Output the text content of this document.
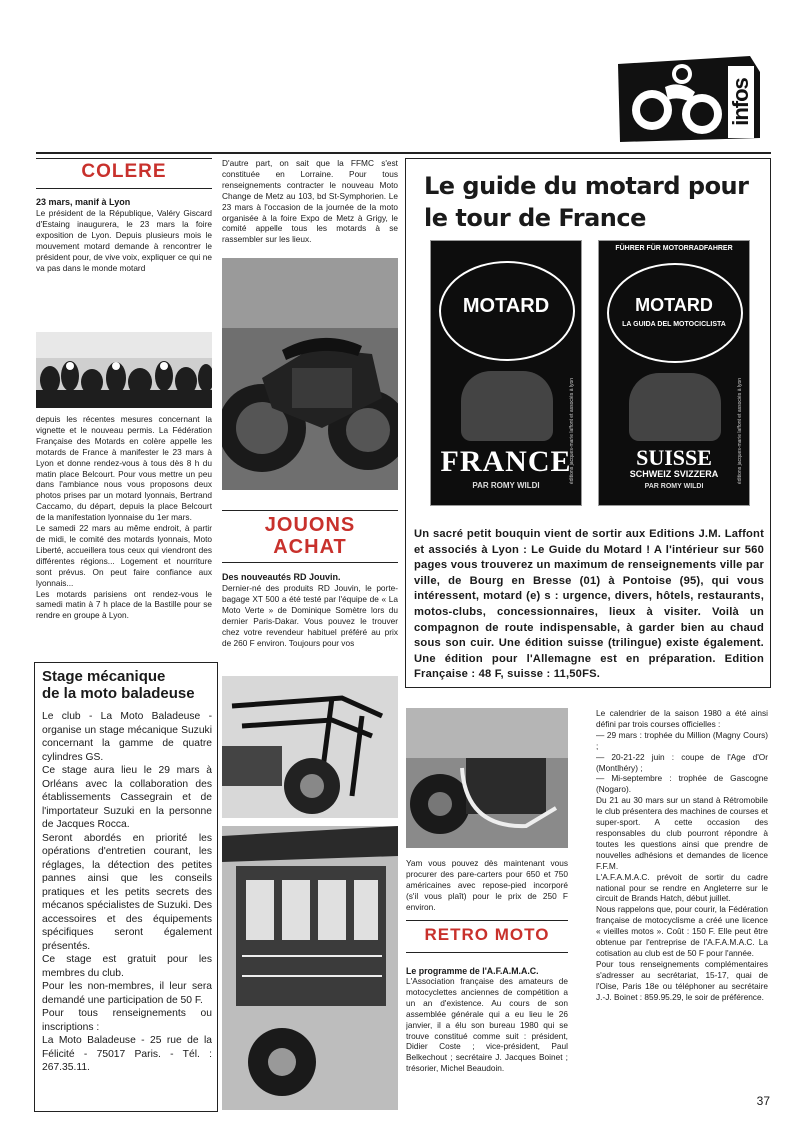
infos
COLERE
23 mars, manif à Lyon
Le président de la République, Valéry Giscard d'Estaing inaugurera, le 23 mars la foire exposition de Lyon. Depuis plusieurs mois le mouvement motard demande à rencontrer le président pour, de vive voix, expliquer ce qui ne va pas dans le monde motard

depuis les récentes mesures concernant la vignette et le nouveau permis. La Fédération Française des Motards en colère appelle les motards de France à manifester le 23 mars à Lyon et donne rendez-vous à tous dès 8 h du matin place Belcourt. Pour vous mettre un peu dans l'ambiance nous vous proposons deux photos prises par un motard lyonnais, Bertrand Caccamo, du départ, depuis la place Belcourt de la manifestation lyonnaise du 1er mars.

Le samedi 22 mars au même endroit, à partir de midi, le comité des motards lyonnais, Moto Liberté, accueillera tous ceux qui viendront des différentes régions... Logement et nourriture sont prévus. On peut faire confiance aux lyonnais...

Les motards parisiens ont rendez-vous le samedi matin à 7 h place de la Bastille pour se rendre en groupe à Lyon.

Stage mécanique
de la moto baladeuse

Le club - La Moto Baladeuse - organise un stage mécanique Suzuki concernant la gamme de quatre cylindres GS.

Ce stage aura lieu le 29 mars à Orléans avec la collaboration des établissements Cassegrain et de l'importateur Suzuki en la personne de Jacques Rocca.

Seront abordés en priorité les opérations d'entretien courant, les réglages, la détection des petites pannes ainsi que les conseils pratiques et les petits secrets des mécanos spécialistes de Suzuki. Des accessoires et des équipements spécifiques seront également présentés.

Ce stage est gratuit pour les membres du club.

Pour les non-membres, il leur sera demandé une participation de 50 F.

Pour tous renseignements ou inscriptions :

La Moto Baladeuse - 25 rue de la Félicité - 75017 Paris. - Tél. : 267.35.11.

D'autre part, on sait que la FFMC s'est constituée en Lorraine. Pour tous renseignements contracter le nouveau Moto Change de Metz au 103, bd St-Symphorien. Le 23 mars à l'occasion de la journée de la moto organisée à la foire Expo de Metz à Grigy, le comité appelle tous les motards à se rassembler sur les lieux.
JOUONS
ACHAT
Des nouveautés RD Jouvin.
Dernier-né des produits RD Jouvin, le porte-bagage XT 500 a été testé par l'équipe de « La Moto Verte » de Dominique Somètre lors du dernier Paris-Dakar. Vous pouvez le trouver chez votre revendeur habituel préféré au prix de 260 F environ. Toujours pour vos
Le guide du motard pour le tour de France
MOTARD
FRANCE
PAR ROMY WILDI
éditions jacques-marie laffont et associés à lyon
FÜHRER FÜR MOTORRADFAHRER
MOTARD
LA GUIDA DEL MOTOCICLISTA
SUISSE
SCHWEIZ SVIZZERA
PAR ROMY WILDI
éditions jacques-marie laffont et associés à lyon
Un sacré petit bouquin vient de sortir aux Editions J.M. Laffont et associés à Lyon : Le Guide du Motard ! A l'intérieur sur 560 pages vous trouverez un maximum de renseignements ville par ville, de Bourg en Bresse (01) à Pontoise (95), qui vous intéressent, motard (e) s : urgence, divers, hôtels, restaurants, motos-clubs, concessionnaires, lieux à visiter. Voilà un compagnon de route indispensable, à garder bien au chaud sous son cuir. Une édition suisse (trilingue) existe également. Une édition pour l'Allemagne est en préparation. Edition Française : 48 F, suisse : 11,50FS.
Yam vous pouvez dès maintenant vous procurer des pare-carters pour 650 et 750 américaines avec repose-pied incorporé (s'il vous plaît) pour le prix de 250 F environ.
RETRO MOTO
Le programme de l'A.F.A.M.A.C.

L'Association française des amateurs de motocyclettes anciennes de compétition a un an d'existence. Au cours de son assemblée générale qui a eu lieu le 26 janvier, il a élu son bureau 1980 qui se trouve constitué comme suit : président, Didier Coste ; vice-président, Paul Belkechout ; secrétaire J. Jacques Boinet ; trésorier, Michel Beaudoin.

Le calendrier de la saison 1980 a été ainsi défini par trois courses officielles :

— 29 mars : trophée du Million (Magny Cours) ;

— 20-21-22 juin : coupe de l'Age d'Or (Montlhéry) ;

— Mi-septembre : trophée de Gascogne (Nogaro).

Du 21 au 30 mars sur un stand à Rétromobile le club présentera des machines de courses et super-sport. A cette occasion des responsables du club pourront répondre à toutes les questions ainsi que prendre de nouvelles adhésions et demandes de licence F.F.M.

L'A.F.A.M.A.C. prévoit de sortir du cadre national pour se rendre en Angleterre sur le circuit de Brands Hatch, début juillet.

Nous rappelons que, pour courir, la Fédération française de motocyclisme a créé une licence « vieilles motos ». Coût : 150 F. Elle peut être obtenue par l'entreprise de l'A.F.A.M.A.C. La cotisation au club est de 50 F pour l'année.

Pour tous renseignements complémentaires s'adresser au secrétariat, 15-17, quai de l'Oise, Paris 18e ou téléphoner au secrétaire J.-J. Boinet : 859.95.29, le soir de préférence.

37
